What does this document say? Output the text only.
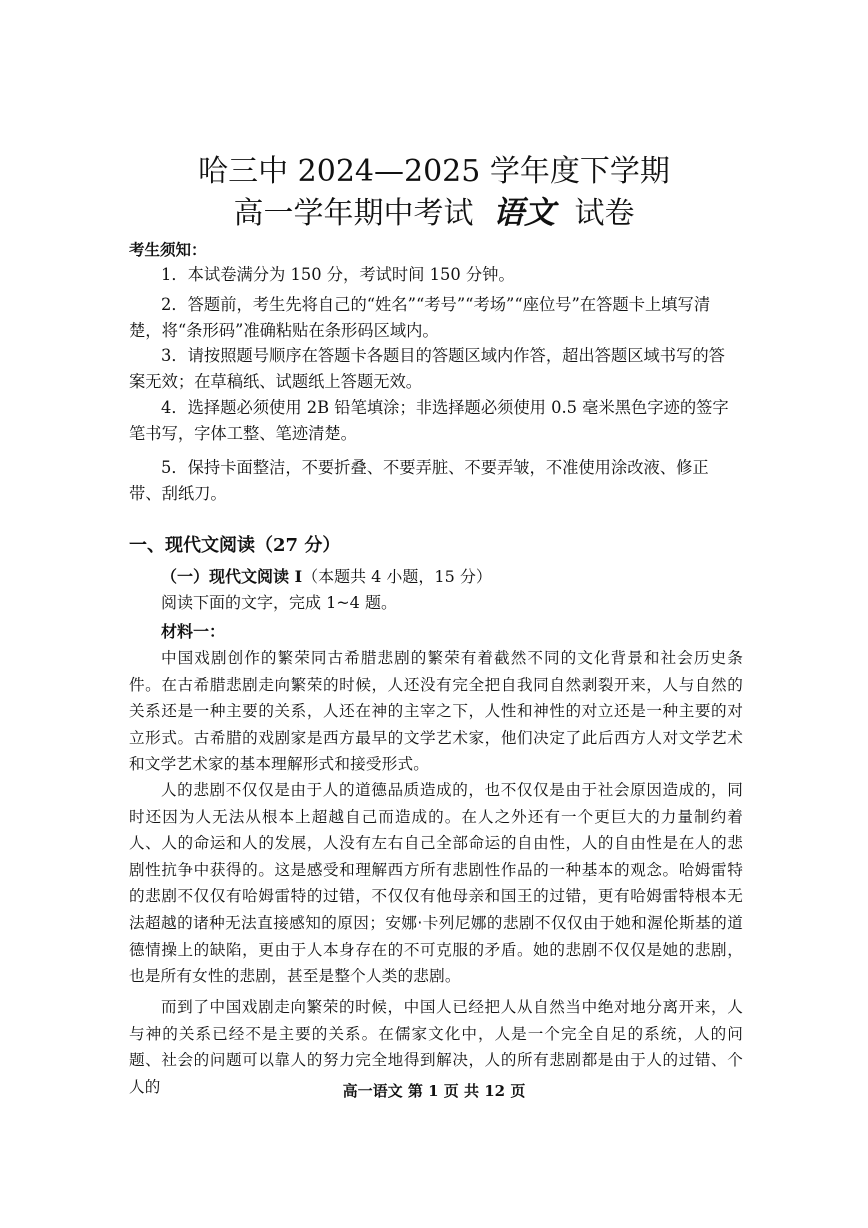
哈三中 2024—2025 学年度下学期
高一学年期中考试 语文 试卷
考生须知：
1．本试卷满分为 150 分，考试时间 150 分钟。
2．答题前，考生先将自己的“姓名”“考号”“考场”“座位号”在答题卡上填写清楚，将“条形码”准确粘贴在条形码区域内。
3．请按照题号顺序在答题卡各题目的答题区域内作答，超出答题区域书写的答案无效；在草稿纸、试题纸上答题无效。
4．选择题必须使用 2B 铅笔填涂；非选择题必须使用 0.5 毫米黑色字迹的签字笔书写，字体工整、笔迹清楚。
5．保持卡面整洁，不要折叠、不要弄脏、不要弄皱，不准使用涂改液、修正带、刮纸刀。
一、现代文阅读（27 分）
（一）现代文阅读 I（本题共 4 小题，15 分）
阅读下面的文字，完成 1~4 题。
材料一：
中国戏剧创作的繁荣同古希腊悲剧的繁荣有着截然不同的文化背景和社会历史条件。在古希腊悲剧走向繁荣的时候，人还没有完全把自我同自然剥裂开来，人与自然的关系还是一种主要的关系，人还在神的主宰之下，人性和神性的对立还是一种主要的对立形式。古希腊的戏剧家是西方最早的文学艺术家，他们决定了此后西方人对文学艺术和文学艺术家的基本理解形式和接受形式。
人的悲剧不仅仅是由于人的道德品质造成的，也不仅仅是由于社会原因造成的，同时还因为人无法从根本上超越自己而造成的。在人之外还有一个更巨大的力量制约着人、人的命运和人的发展，人没有左右自己全部命运的自由性，人的自由性是在人的悲剧性抗争中获得的。这是感受和理解西方所有悲剧性作品的一种基本的观念。哈姆雷特的悲剧不仅仅有哈姆雷特的过错，不仅仅有他母亲和国王的过错，更有哈姆雷特根本无法超越的诸种无法直接感知的原因；安娜·卡列尼娜的悲剧不仅仅由于她和渥伦斯基的道德情操上的缺陷，更由于人本身存在的不可克服的矛盾。她的悲剧不仅仅是她的悲剧，也是所有女性的悲剧，甚至是整个人类的悲剧。
而到了中国戏剧走向繁荣的时候，中国人已经把人从自然当中绝对地分离开来，人与神的关系已经不是主要的关系。在儒家文化中，人是一个完全自足的系统，人的问题、社会的问题可以靠人的努力完全地得到解决，人的所有悲剧都是由于人的过错、个人的	高一语文 第 1 页 共 12 页
